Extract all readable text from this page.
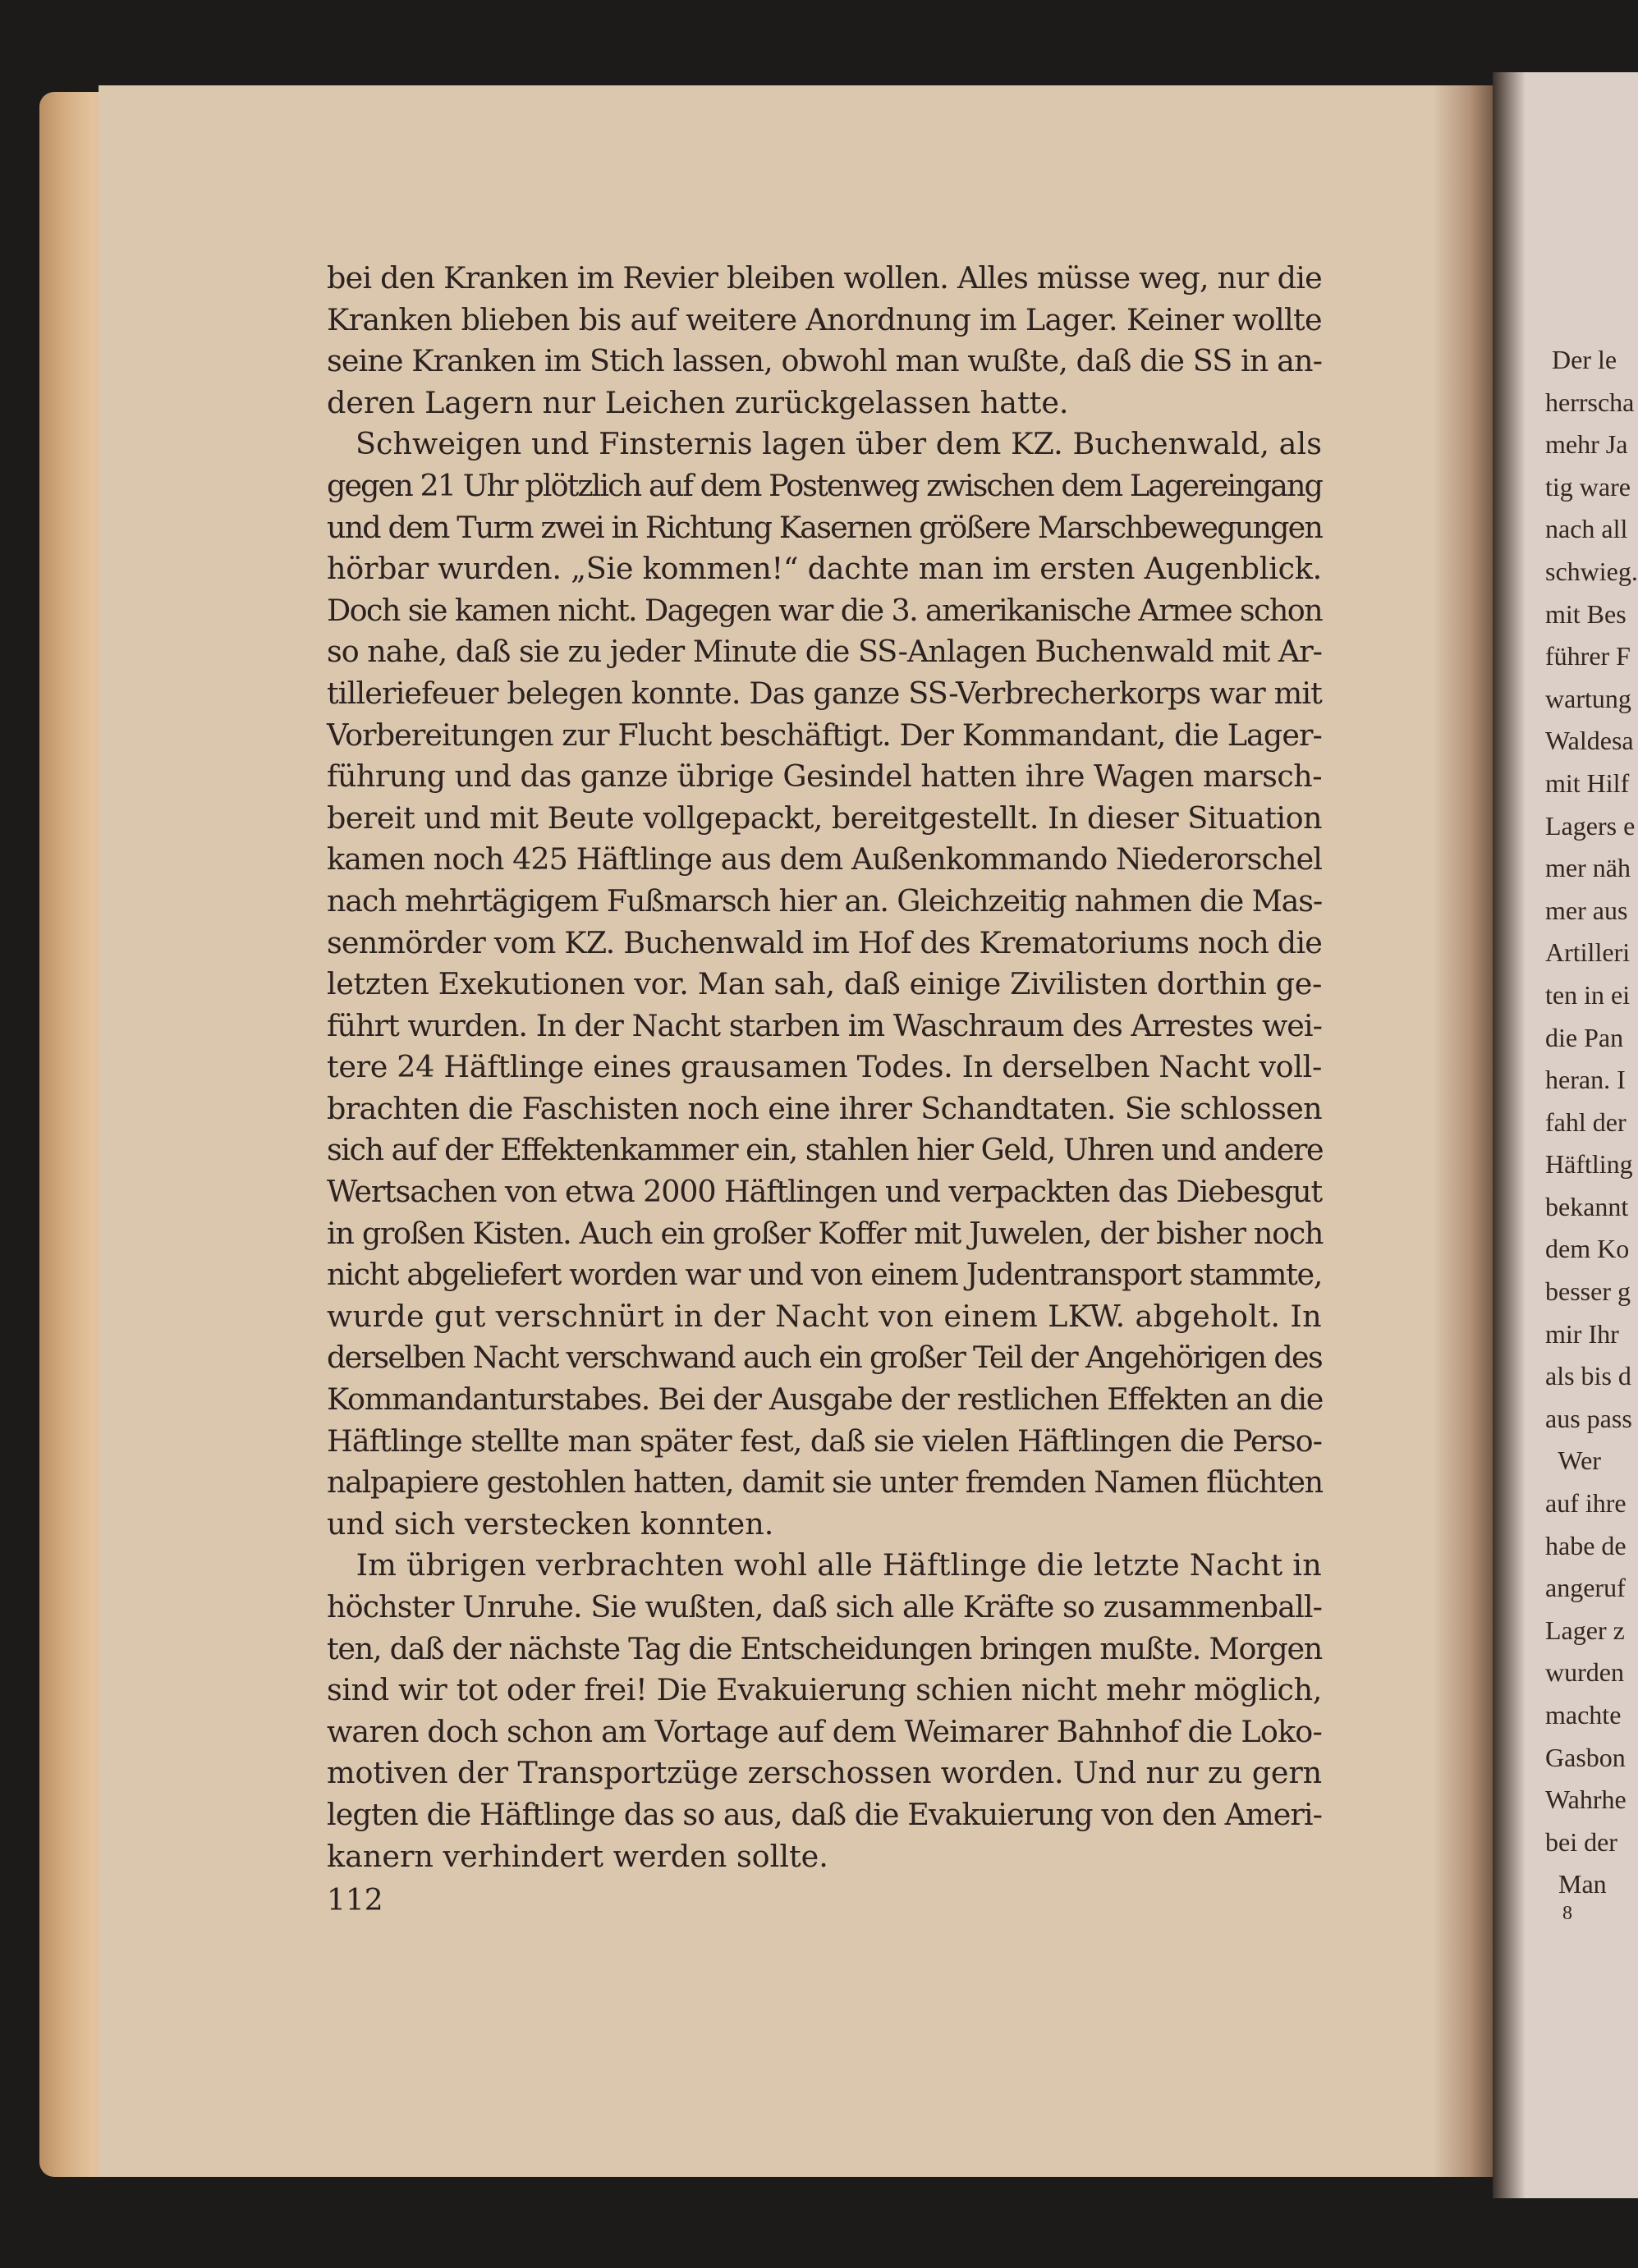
bei den Kranken im Revier bleiben wollen. Alles müsse weg, nur die
Kranken blieben bis auf weitere Anordnung im Lager. Keiner wollte
seine Kranken im Stich lassen, obwohl man wußte, daß die SS in an-
deren Lagern nur Leichen zurückgelassen hatte.
Schweigen und Finsternis lagen über dem KZ. Buchenwald, als
gegen 21 Uhr plötzlich auf dem Postenweg zwischen dem Lagereingang
und dem Turm zwei in Richtung Kasernen größere Marschbewegungen
hörbar wurden. „Sie kommen!“ dachte man im ersten Augenblick.
Doch sie kamen nicht. Dagegen war die 3. amerikanische Armee schon
so nahe, daß sie zu jeder Minute die SS-Anlagen Buchenwald mit Ar-
tilleriefeuer belegen konnte. Das ganze SS-Verbrecherkorps war mit
Vorbereitungen zur Flucht beschäftigt. Der Kommandant, die Lager-
führung und das ganze übrige Gesindel hatten ihre Wagen marsch-
bereit und mit Beute vollgepackt, bereitgestellt. In dieser Situation
kamen noch 425 Häftlinge aus dem Außenkommando Niederorschel
nach mehrtägigem Fußmarsch hier an. Gleichzeitig nahmen die Mas-
senmörder vom KZ. Buchenwald im Hof des Krematoriums noch die
letzten Exekutionen vor. Man sah, daß einige Zivilisten dorthin ge-
führt wurden. In der Nacht starben im Waschraum des Arrestes wei-
tere 24 Häftlinge eines grausamen Todes. In derselben Nacht voll-
brachten die Faschisten noch eine ihrer Schandtaten. Sie schlossen
sich auf der Effektenkammer ein, stahlen hier Geld, Uhren und andere
Wertsachen von etwa 2000 Häftlingen und verpackten das Diebesgut
in großen Kisten. Auch ein großer Koffer mit Juwelen, der bisher noch
nicht abgeliefert worden war und von einem Judentransport stammte,
wurde gut verschnürt in der Nacht von einem LKW. abgeholt. In
derselben Nacht verschwand auch ein großer Teil der Angehörigen des
Kommandanturstabes. Bei der Ausgabe der restlichen Effekten an die
Häftlinge stellte man später fest, daß sie vielen Häftlingen die Perso-
nalpapiere gestohlen hatten, damit sie unter fremden Namen flüchten
und sich verstecken konnten.
Im übrigen verbrachten wohl alle Häftlinge die letzte Nacht in
höchster Unruhe. Sie wußten, daß sich alle Kräfte so zusammenball-
ten, daß der nächste Tag die Entscheidungen bringen mußte. Morgen
sind wir tot oder frei! Die Evakuierung schien nicht mehr möglich,
waren doch schon am Vortage auf dem Weimarer Bahnhof die Loko-
motiven der Transportzüge zerschossen worden. Und nur zu gern
legten die Häftlinge das so aus, daß die Evakuierung von den Ameri-
kanern verhindert werden sollte.
112
Der le
herrscha
mehr Ja
tig ware
nach all
schwieg.
mit Bes
führer F
wartung
Waldesa
mit Hilf
Lagers e
mer näh
mer aus
Artilleri
ten in ei
die Pan
heran. I
fahl der
Häftling
bekannt
dem Ko
besser g
mir Ihr
als bis d
aus pass
Wer
auf ihre
habe de
angeruf
Lager z
wurden
machte
Gasbon
Wahrhe
bei der
Man
8
